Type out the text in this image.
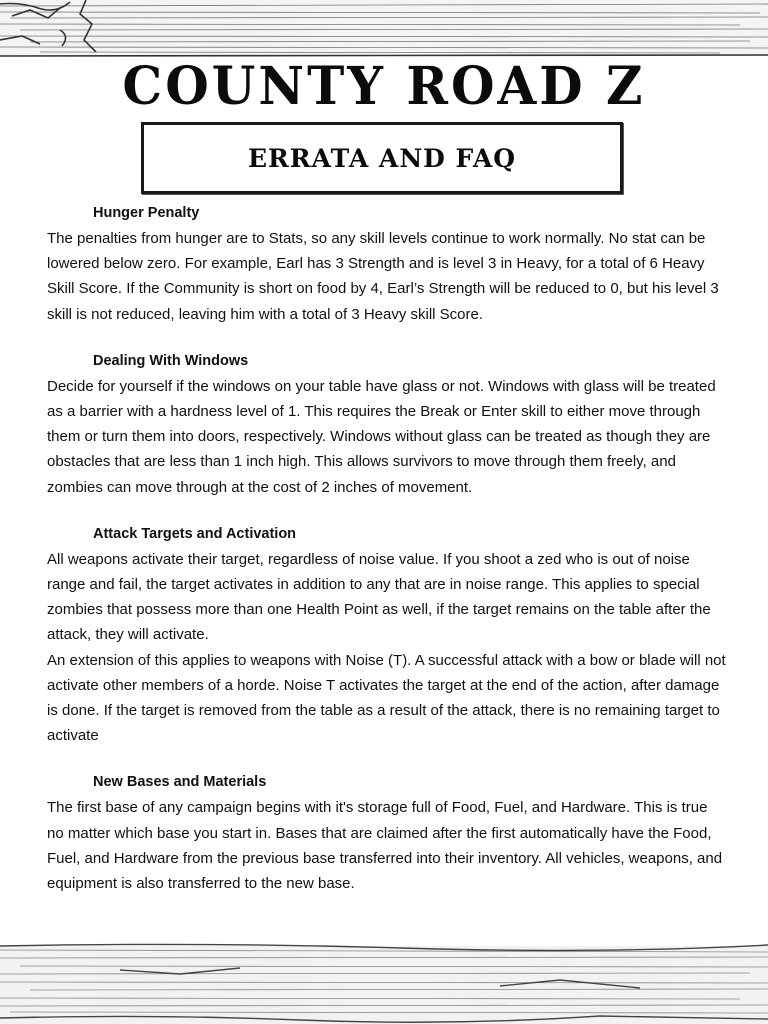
COUNTY ROAD Z
ERRATA AND FAQ
Hunger Penalty

The penalties from hunger are to Stats, so any skill levels continue to work normally. No stat can be lowered below zero. For example, Earl has 3 Strength and is level 3 in Heavy, for a total of 6 Heavy Skill Score. If the Community is short on food by 4, Earl’s Strength will be reduced to 0, but his level 3 skill is not reduced, leaving him with a total of 3 Heavy skill Score.

Dealing With Windows

Decide for yourself if the windows on your table have glass or not. Windows with glass will be treated as a barrier with a hardness level of 1. This requires the Break or Enter skill to either move through them or turn them into doors, respectively. Windows without glass can be treated as though they are obstacles that are less than 1 inch high. This allows survivors to move through them freely, and zombies can move through at the cost of 2 inches of movement.

Attack Targets and Activation

All weapons activate their target, regardless of noise value. If you shoot a zed who is out of noise range and fail, the target activates in addition to any that are in noise range. This applies to special zombies that possess more than one Health Point as well, if the target remains on the table after the attack, they will activate.

An extension of this applies to weapons with Noise (T). A successful attack with a bow or blade will not activate other members of a horde. Noise T activates the target at the end of the action, after damage is done. If the target is removed from the table as a result of the attack, there is no remaining target to activate

New Bases and Materials

The first base of any campaign begins with it's storage full of Food, Fuel, and Hardware. This is true no matter which base you start in. Bases that are claimed after the first automatically have the Food, Fuel, and Hardware from the previous base transferred into their inventory. All vehicles, weapons, and equipment is also transferred to the new base.
